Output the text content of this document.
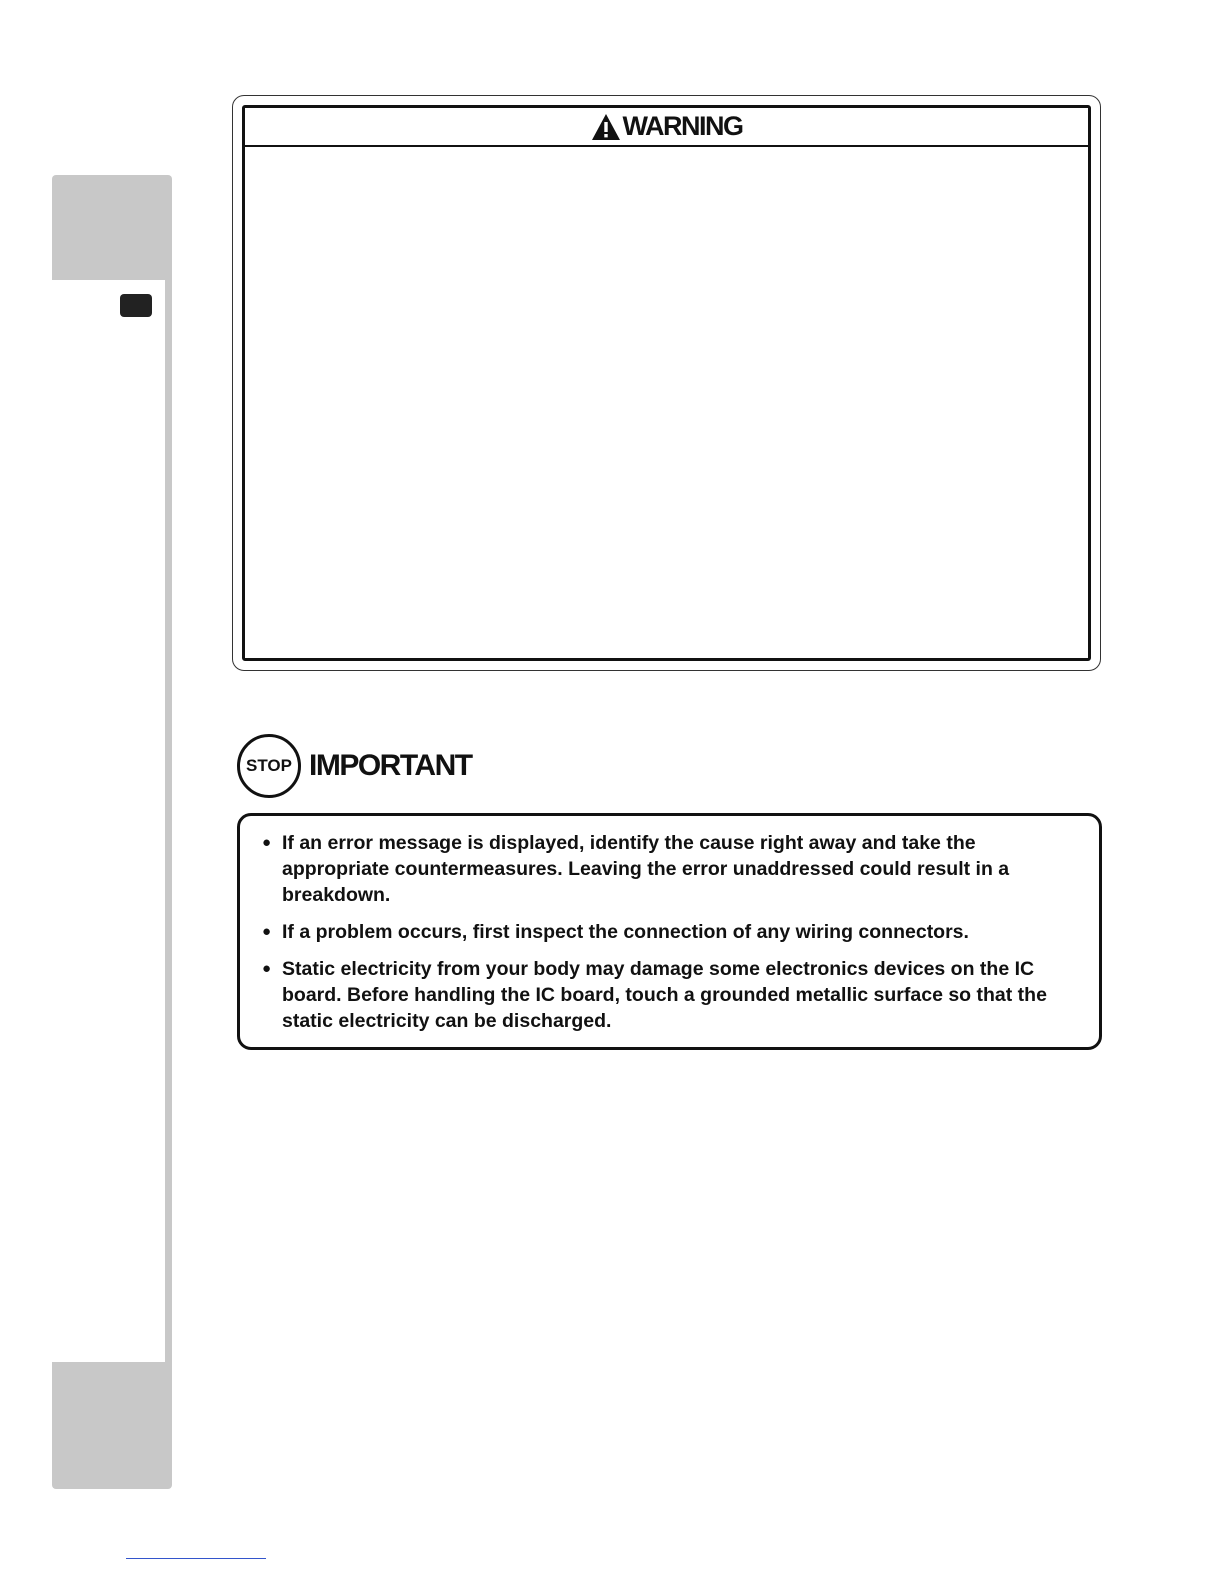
WARNING
STOP IMPORTANT
● If an error message is displayed, identify the cause right away and take the appropriate countermeasures. Leaving the error unaddressed could result in a breakdown.
● If a problem occurs, first inspect the connection of any wiring connectors.
● Static electricity from your body may damage some electronics devices on the IC board. Before handling the IC board, touch a grounded metallic surface so that the static electricity can be discharged.
